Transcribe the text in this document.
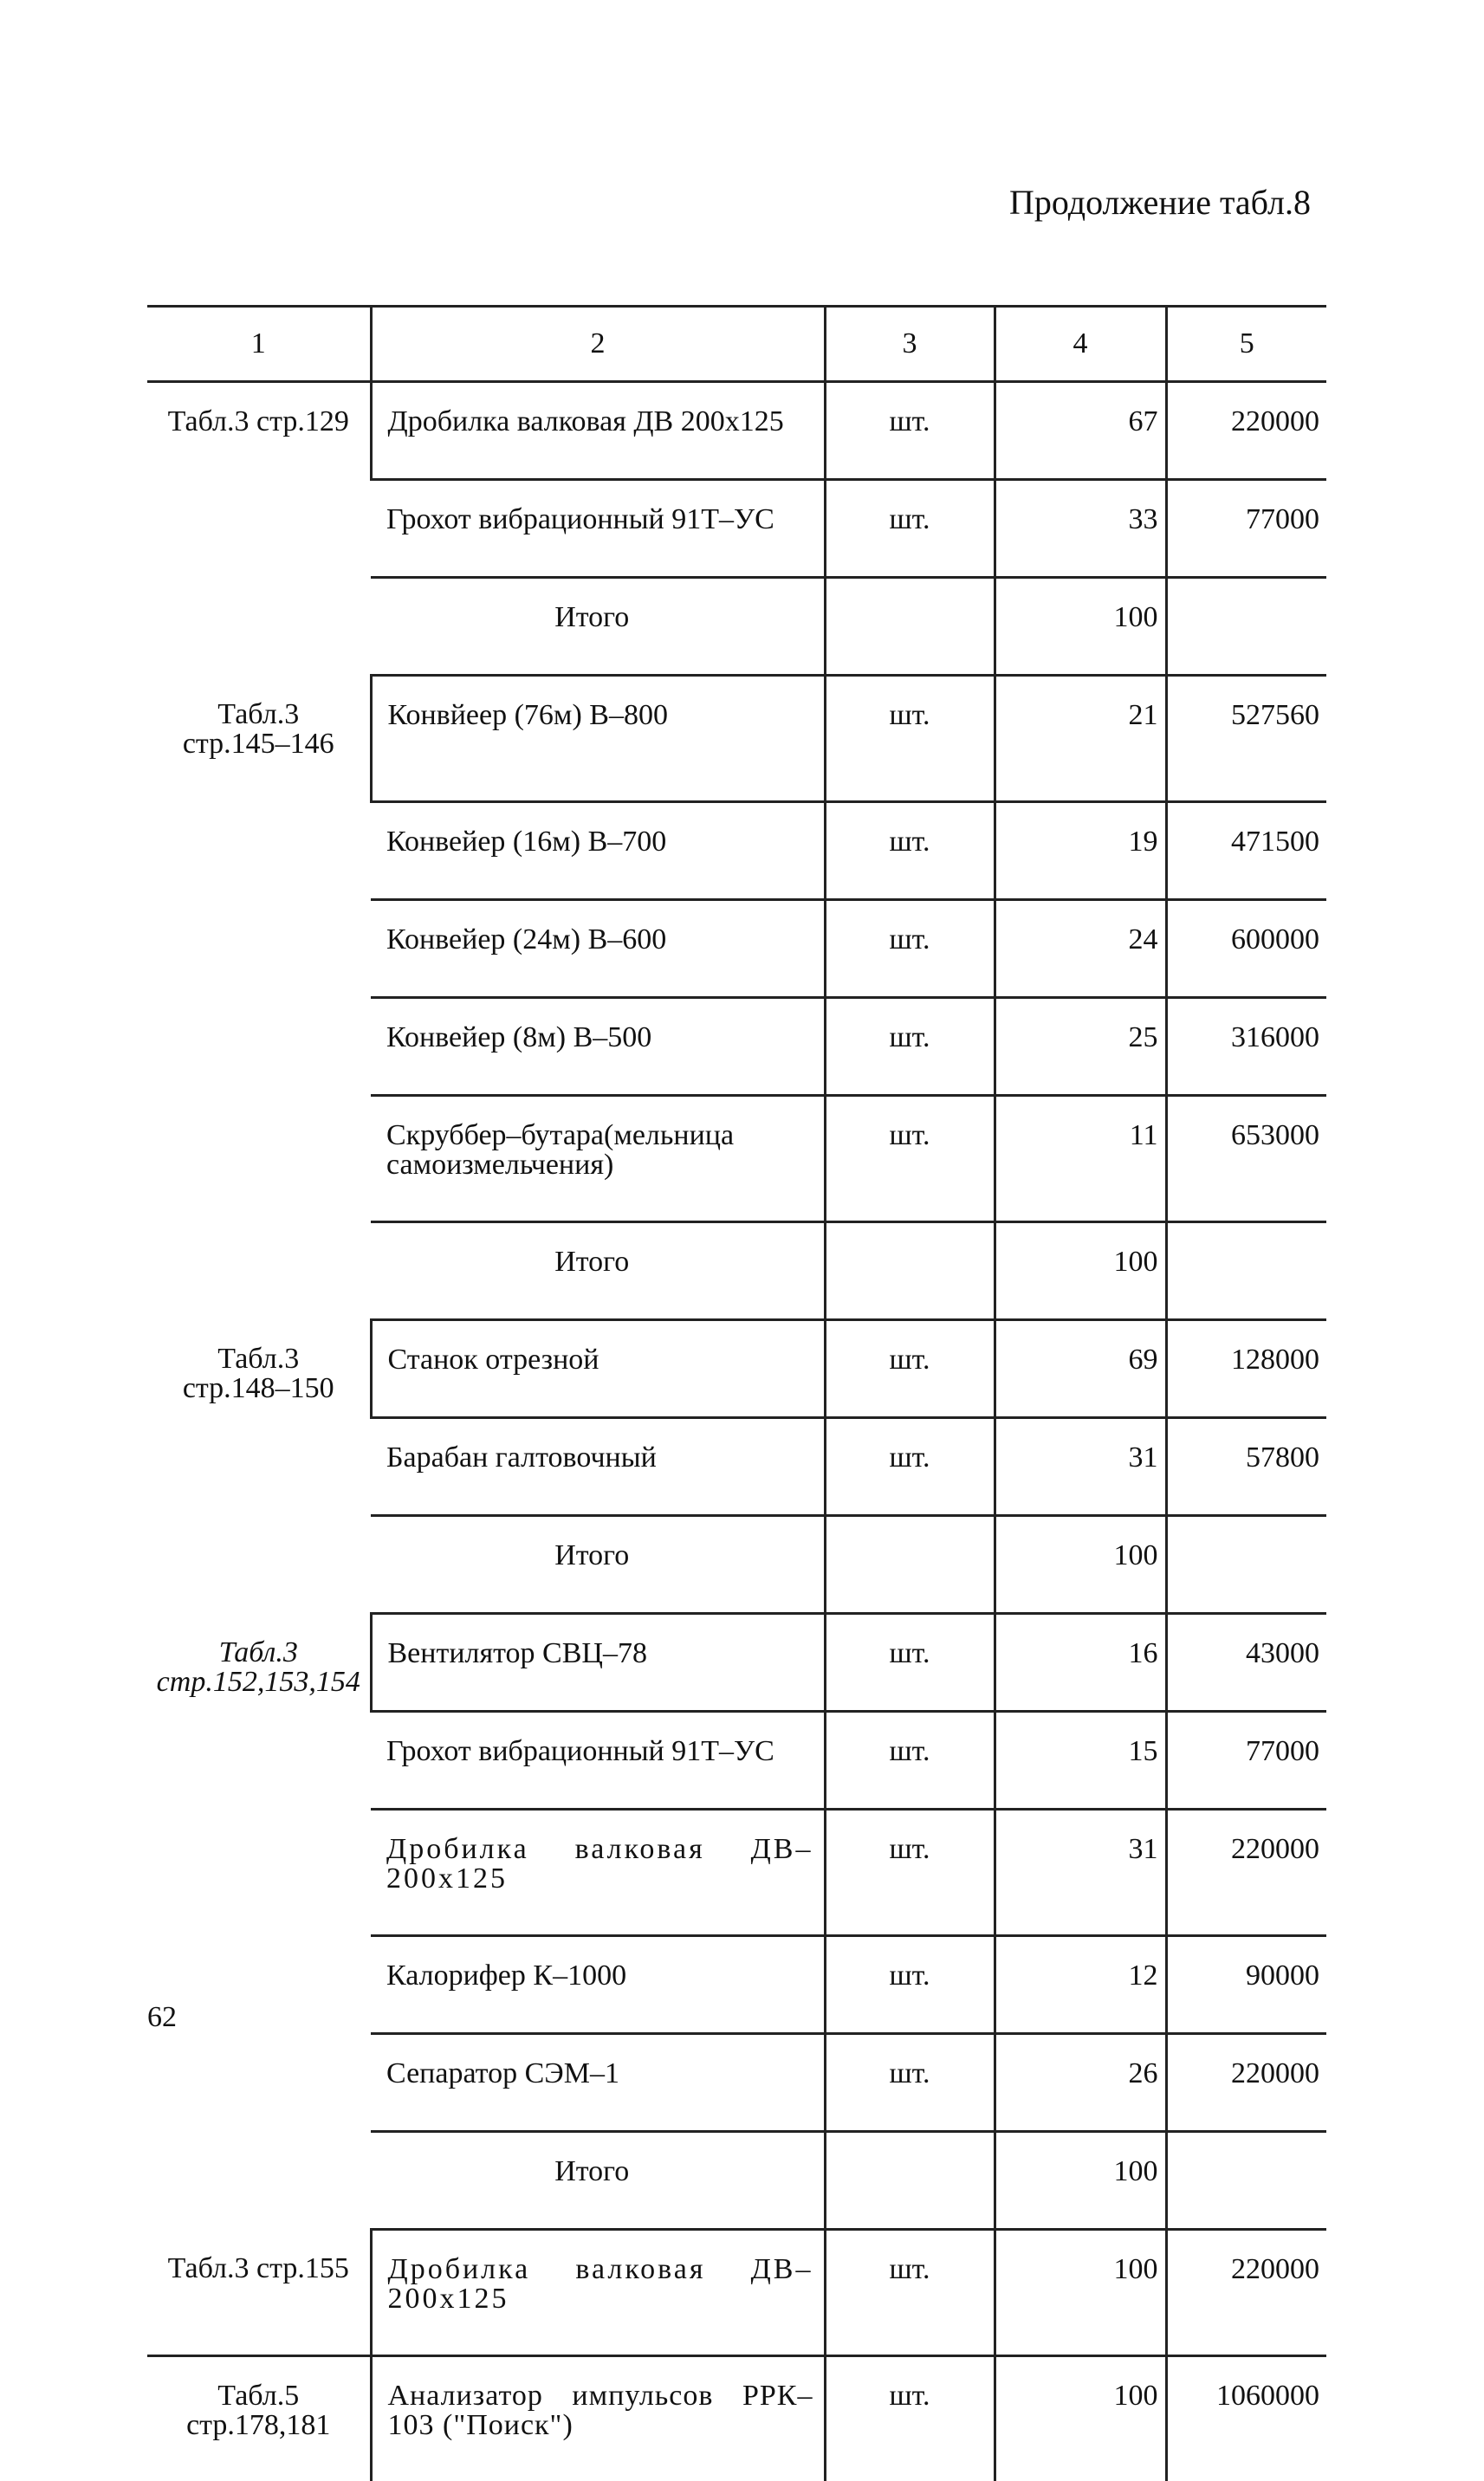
Продолжение табл.8
1	2	3	4	5
Табл.3 стр.129	Дробилка валковая ДВ 200x125	шт.	67	220000
	Грохот вибрационный 91Т–УС	шт.	33	77000
	Итого		100	
Табл.3 стр.145–146	Конвйеер (76м) В–800	шт.	21	527560
	Конвейер (16м) В–700	шт.	19	471500
	Конвейер (24м) В–600	шт.	24	600000
	Конвейер (8м) В–500	шт.	25	316000
	Скруббер–бутара(мельница самоизмельчения)	шт.	11	653000
	Итого		100	
Табл.3 стр.148–150	Станок отрезной	шт.	69	128000
	Барабан галтовочный	шт.	31	57800
	Итого		100	
Табл.3 стр.152,153,154	Вентилятор СВЦ–78	шт.	16	43000
	Грохот вибрационный 91Т–УС	шт.	15	77000
	Дробилка валковая ДВ–200x125	шт.	31	220000
	Калорифер К–1000	шт.	12	90000
	Сепаратор СЭМ–1	шт.	26	220000
	Итого		100	
Табл.3 стр.155	Дробилка валковая ДВ–200x125	шт.	100	220000
Табл.5 стр.178,181	Анализатор импульсов РРК–103 ("Поиск")	шт.	100	1060000
62
